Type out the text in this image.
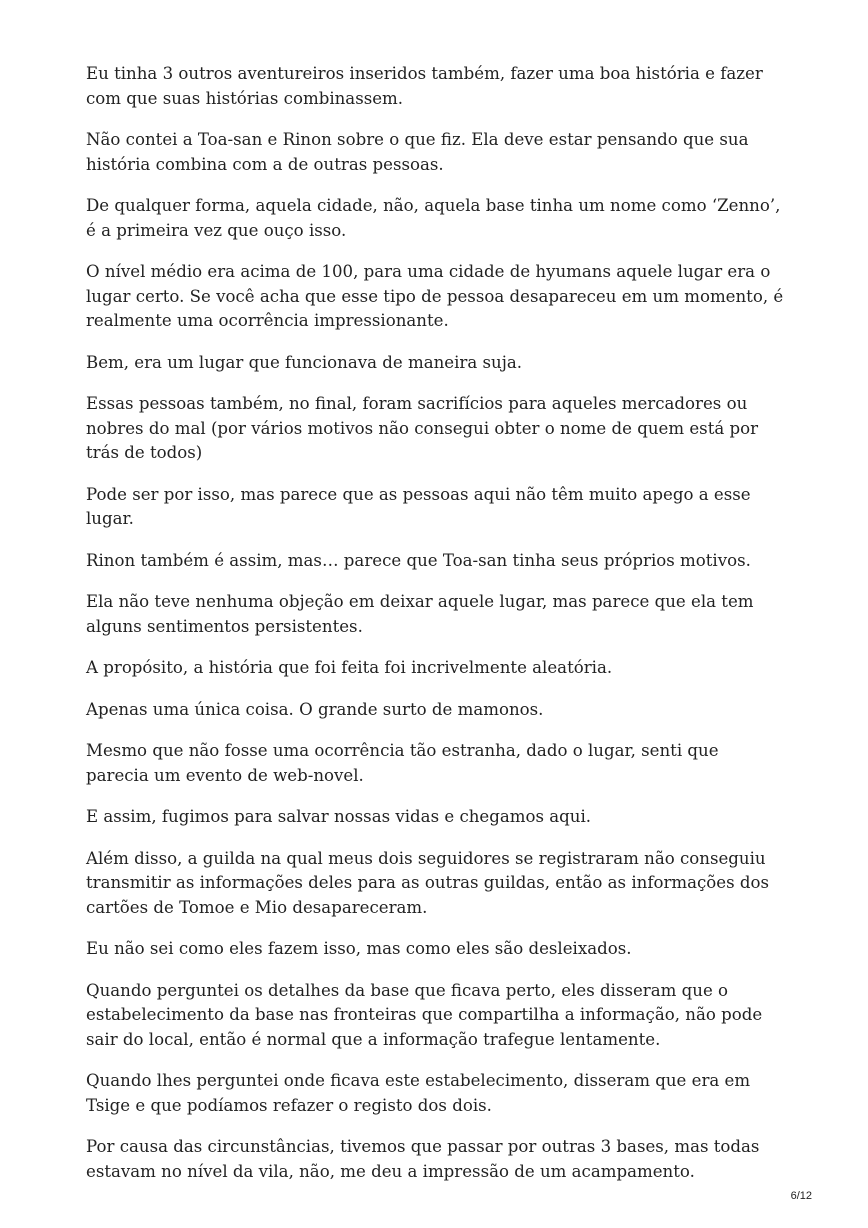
Eu tinha 3 outros aventureiros inseridos também, fazer uma boa história e fazer com que suas histórias combinassem.

Não contei a Toa-san e Rinon sobre o que fiz. Ela deve estar pensando que sua história combina com a de outras pessoas.

De qualquer forma, aquela cidade, não, aquela base tinha um nome como ‘Zenno’, é a primeira vez que ouço isso.

O nível médio era acima de 100, para uma cidade de hyumans aquele lugar era o lugar certo. Se você acha que esse tipo de pessoa desapareceu em um momento, é realmente uma ocorrência impressionante.

Bem, era um lugar que funcionava de maneira suja.

Essas pessoas também, no final, foram sacrifícios para aqueles mercadores ou nobres do mal (por vários motivos não consegui obter o nome de quem está por trás de todos)

Pode ser por isso, mas parece que as pessoas aqui não têm muito apego a esse lugar.

Rinon também é assim, mas… parece que Toa-san tinha seus próprios motivos.

Ela não teve nenhuma objeção em deixar aquele lugar, mas parece que ela tem alguns sentimentos persistentes.

A propósito, a história que foi feita foi incrivelmente aleatória.

Apenas uma única coisa. O grande surto de mamonos.

Mesmo que não fosse uma ocorrência tão estranha, dado o lugar, senti que parecia um evento de web-novel.

E assim, fugimos para salvar nossas vidas e chegamos aqui.

Além disso, a guilda na qual meus dois seguidores se registraram não conseguiu transmitir as informações deles para as outras guildas, então as informações dos cartões de Tomoe e Mio desapareceram.

Eu não sei como eles fazem isso, mas como eles são desleixados.

Quando perguntei os detalhes da base que ficava perto, eles disseram que o estabelecimento da base nas fronteiras que compartilha a informação, não pode sair do local, então é normal que a informação trafegue lentamente.

Quando lhes perguntei onde ficava este estabelecimento, disseram que era em Tsige e que podíamos refazer o registo dos dois.

Por causa das circunstâncias, tivemos que passar por outras 3 bases, mas todas estavam no nível da vila, não, me deu a impressão de um acampamento.

6/12
